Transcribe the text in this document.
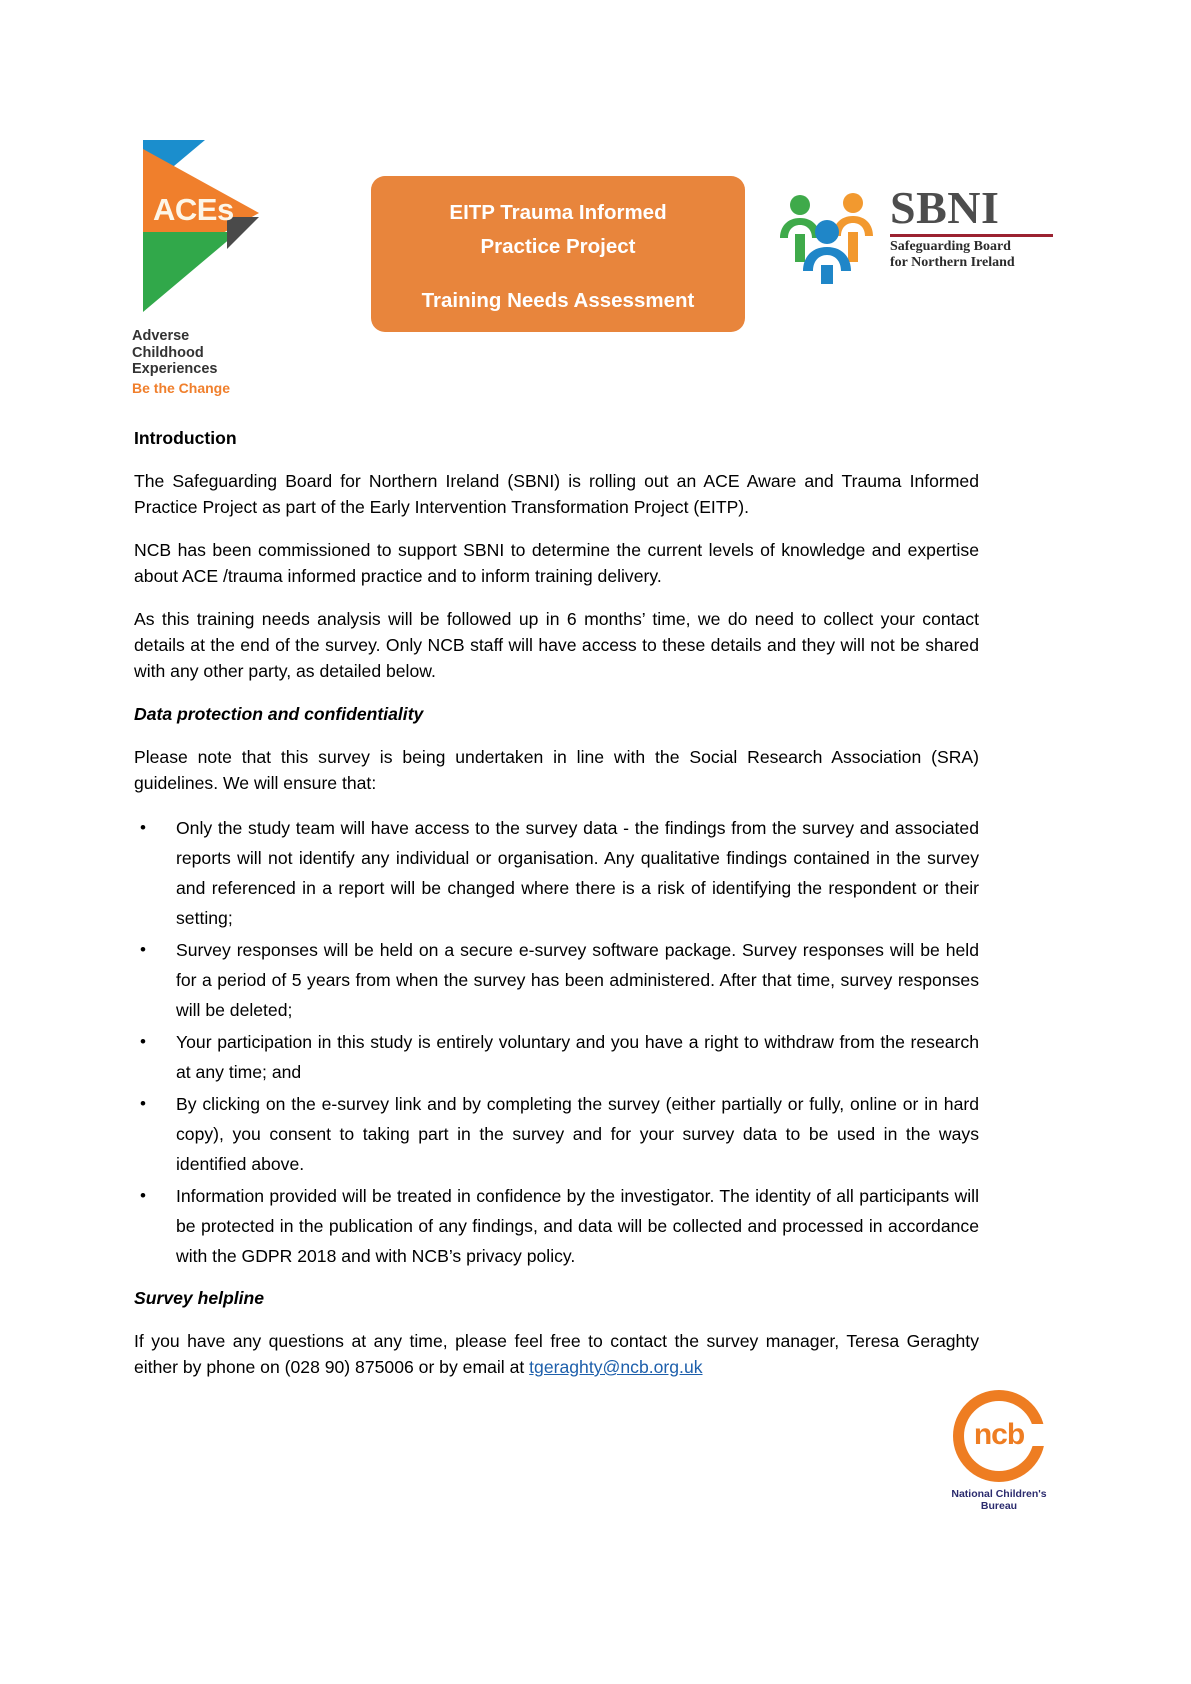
ACEs
Adverse
Childhood
Experiences
Be the Change
EITP Trauma Informed
Practice Project
Training Needs Assessment
SBNI
Safeguarding Board
for Northern Ireland

Introduction

The Safeguarding Board for Northern Ireland (SBNI) is rolling out an ACE Aware and Trauma Informed Practice Project as part of the Early Intervention Transformation Project (EITP).

NCB has been commissioned to support SBNI to determine the current levels of knowledge and expertise about ACE /trauma informed practice and to inform training delivery.

As this training needs analysis will be followed up in 6 months’ time, we do need to collect your contact details at the end of the survey. Only NCB staff will have access to these details and they will not be shared with any other party, as detailed below.

Data protection and confidentiality

Please note that this survey is being undertaken in line with the Social Research Association (SRA) guidelines. We will ensure that:

• Only the study team will have access to the survey data - the findings from the survey and associated reports will not identify any individual or organisation. Any qualitative findings contained in the survey and referenced in a report will be changed where there is a risk of identifying the respondent or their setting;
• Survey responses will be held on a secure e-survey software package. Survey responses will be held for a period of 5 years from when the survey has been administered. After that time, survey responses will be deleted;
• Your participation in this study is entirely voluntary and you have a right to withdraw from the research at any time; and
• By clicking on the e-survey link and by completing the survey (either partially or fully, online or in hard copy), you consent to taking part in the survey and for your survey data to be used in the ways identified above.
• Information provided will be treated in confidence by the investigator. The identity of all participants will be protected in the publication of any findings, and data will be collected and processed in accordance with the GDPR 2018 and with NCB’s privacy policy.

Survey helpline

If you have any questions at any time, please feel free to contact the survey manager, Teresa Geraghty either by phone on (028 90) 875006 or by email at tgeraghty@ncb.org.uk

ncb
National Children's
Bureau
